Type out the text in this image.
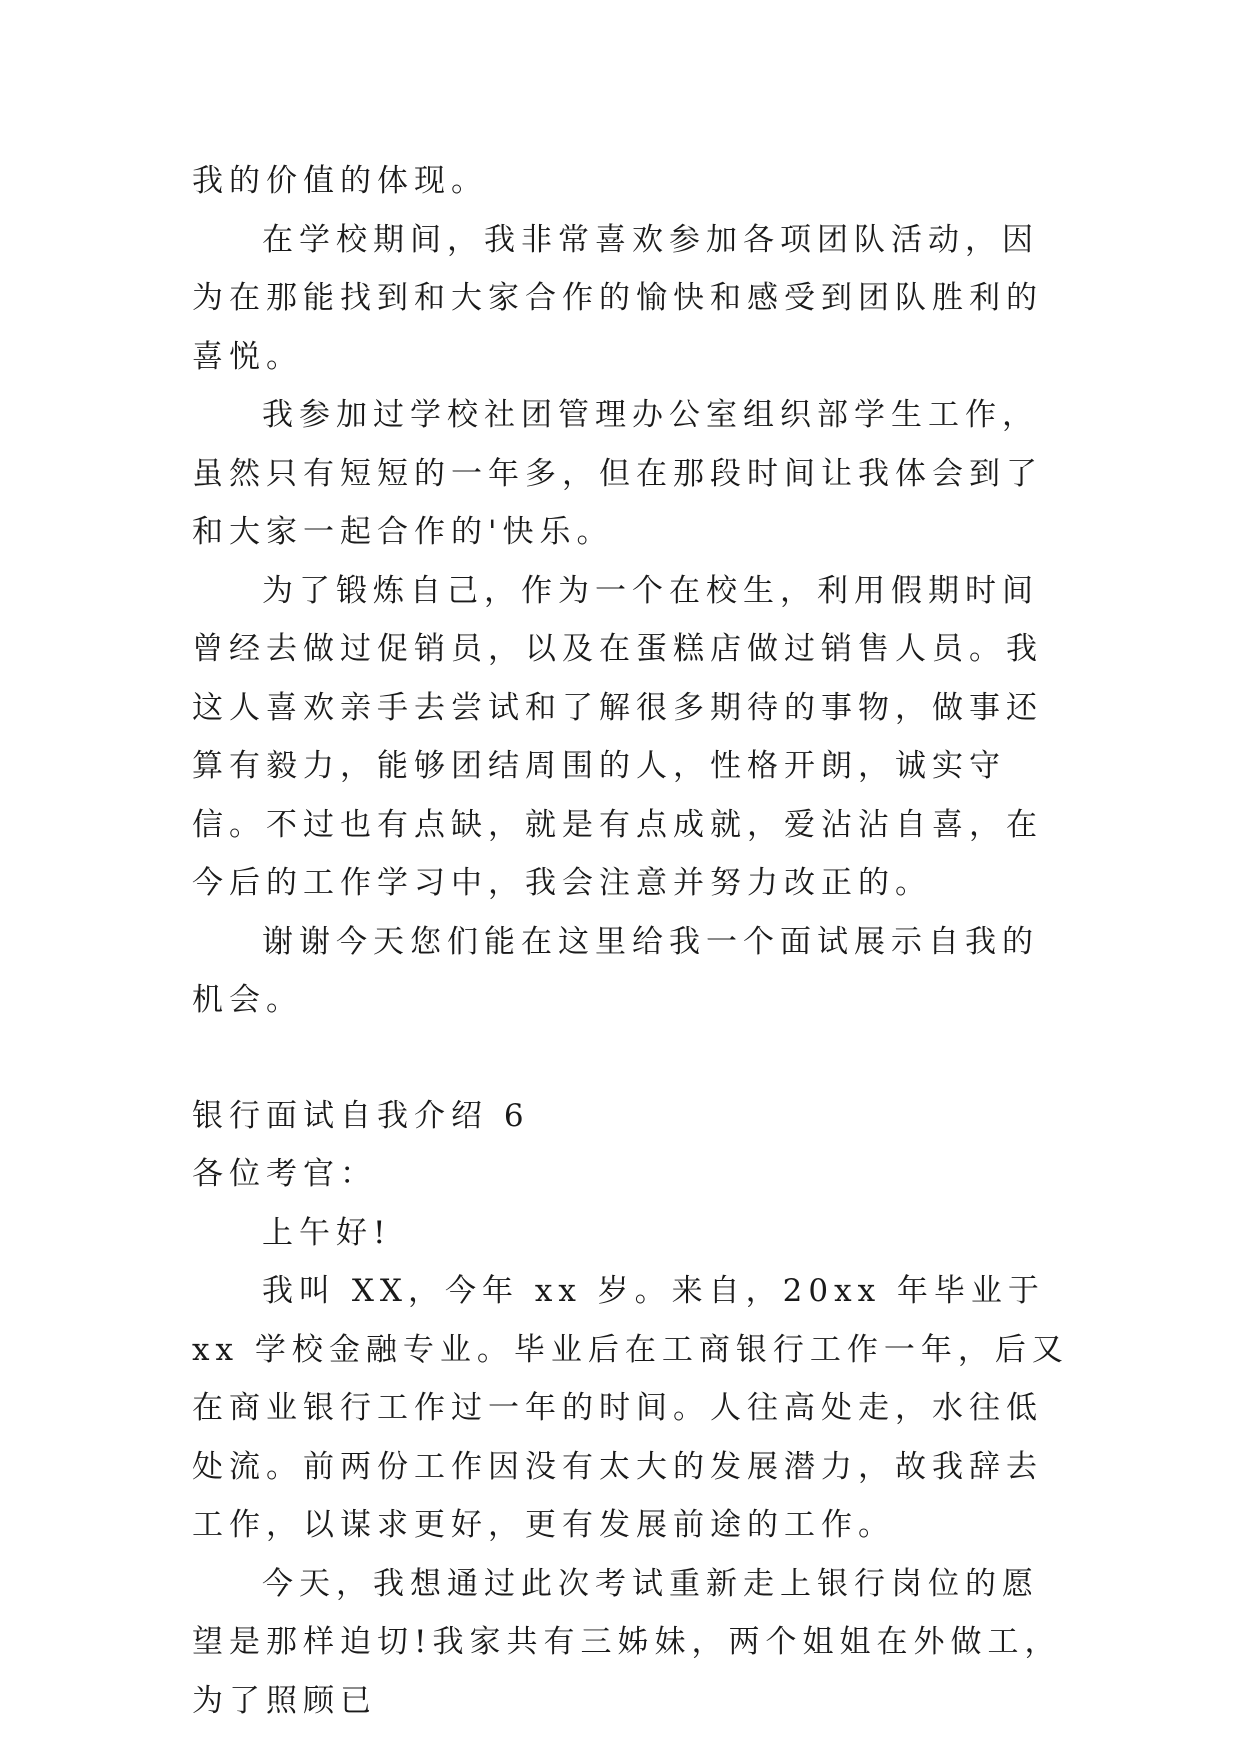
我的价值的体现。

在学校期间，我非常喜欢参加各项团队活动，因为在那能找到和大家合作的愉快和感受到团队胜利的喜悦。

我参加过学校社团管理办公室组织部学生工作，虽然只有短短的一年多，但在那段时间让我体会到了和大家一起合作的'快乐。

为了锻炼自己，作为一个在校生，利用假期时间曾经去做过促销员，以及在蛋糕店做过销售人员。我这人喜欢亲手去尝试和了解很多期待的事物，做事还算有毅力，能够团结周围的人，性格开朗，诚实守信。不过也有点缺，就是有点成就，爱沾沾自喜，在今后的工作学习中，我会注意并努力改正的。

谢谢今天您们能在这里给我一个面试展示自我的机会。

银行面试自我介绍 6

各位考官：

上午好!

我叫 XX，今年 xx 岁。来自，20xx 年毕业于 xx 学校金融专业。毕业后在工商银行工作一年，后又在商业银行工作过一年的时间。人往高处走，水往低处流。前两份工作因没有太大的发展潜力，故我辞去工作，以谋求更好，更有发展前途的工作。

今天，我想通过此次考试重新走上银行岗位的愿望是那样迫切!我家共有三姊妹，两个姐姐在外做工，为了照顾已
